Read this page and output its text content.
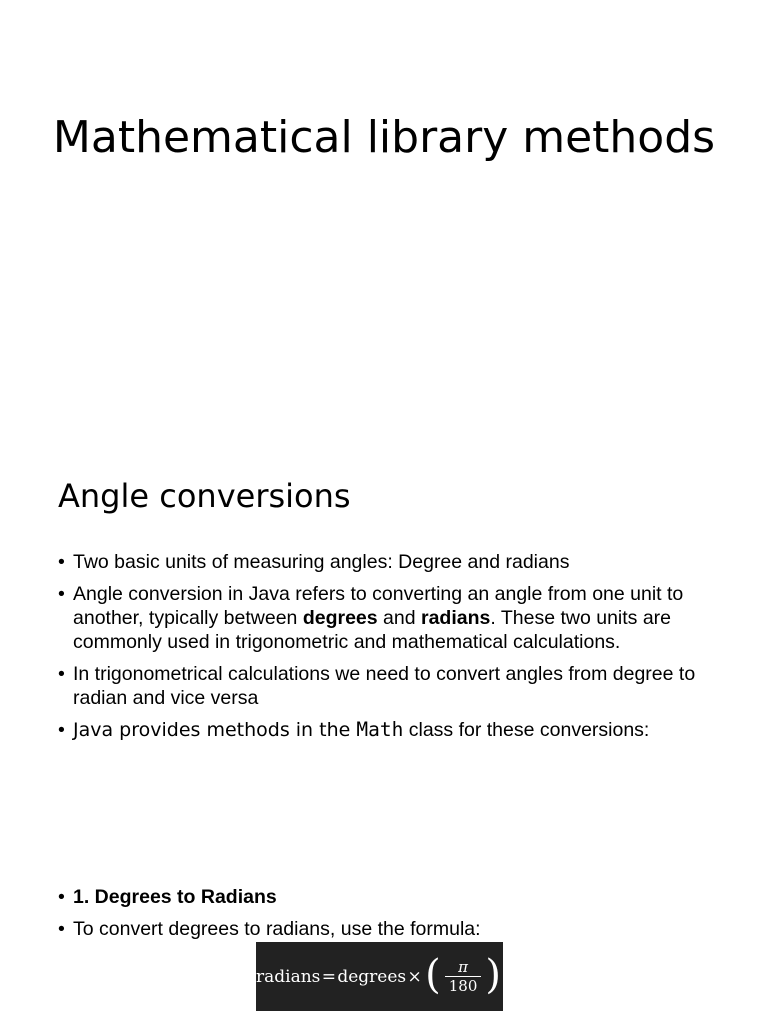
Mathematical library methods
Angle conversions
• Two basic units of measuring angles: Degree and radians
• Angle conversion in Java refers to converting an angle from one unit to another, typically between degrees and radians. These two units are commonly used in trigonometric and mathematical calculations.
• In trigonometrical calculations we need to convert angles from degree to radian and vice versa
• Java provides methods in the Math class for these conversions:
• 1. Degrees to Radians
• To convert degrees to radians, use the formula:
radians = degrees × ( $\frac{\pi}{180}$ )
